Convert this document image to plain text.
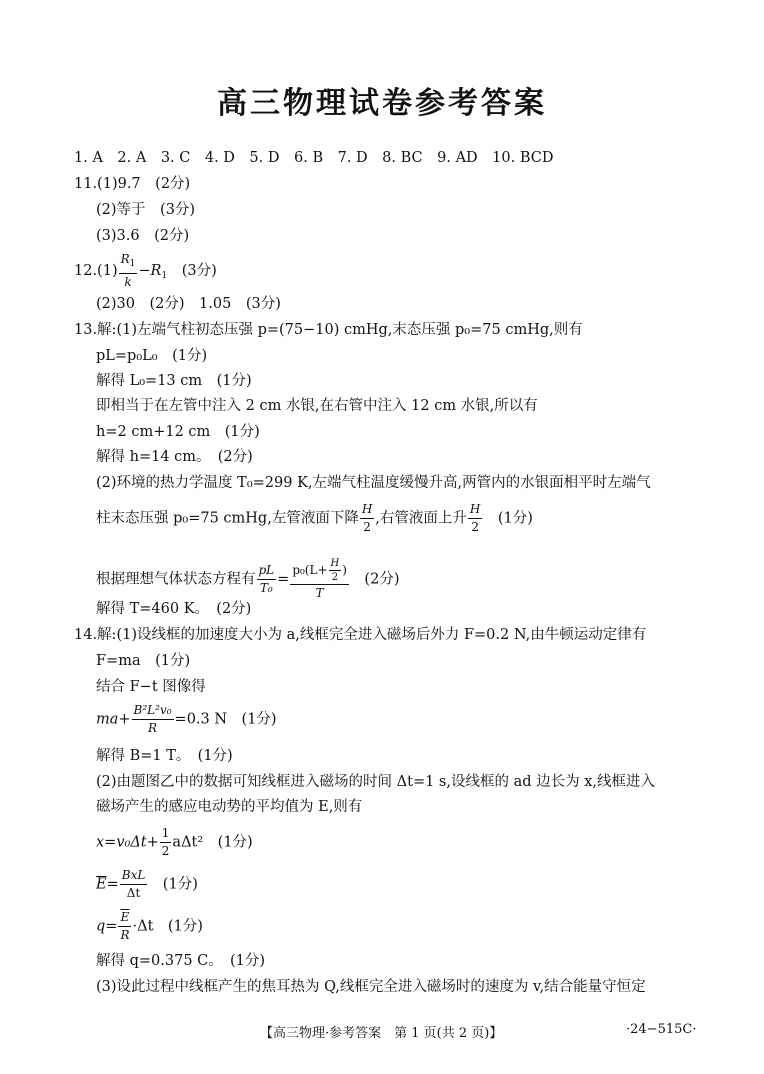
高三物理试卷参考答案
1. A　2. A　3. C　4. D　5. D　6. B　7. D　8. BC　9. AD　10. BCD
11.(1)9.7　(2分)
(2)等于　(3分)
(3)3.6　(2分)
$12.(1) \frac{R_1}{k} -R_1$　(3分)
(2)30　(2分)　1.05　(3分)
13.解:(1)左端气柱初态压强 p=(75−10) cmHg,末态压强 p₀=75 cmHg,则有
pL=p₀L₀　(1分)
解得 L₀=13 cm　(1分)
即相当于在左管中注入 2 cm 水银,在右管中注入 12 cm 水银,所以有
h=2 cm+12 cm　(1分)
解得 h=14 cm。　(2分)
(2)环境的热力学温度 T₀=299 K,左端气柱温度缓慢升高,两管内的水银面相平时左端气
柱末态压强 p₀=75 cmHg,左管液面下降 $\frac{H}{2}$ ,右管液面上升 $\frac{H}{2}$ 　(1分)
根据理想气体状态方程有 $\frac{pL}{\text{T₀}} = \frac{p_0(L+ \frac{H}{2} )}{T}$ 　(2分)
解得 T=460 K。　(2分)
14.解:(1)设线框的加速度大小为 a,线框完全进入磁场后外力 F=0.2 N,由牛顿运动定律有
F=ma　(1分)
结合 F−t 图像得
$ma+ \frac{\text{B²L²v₀}}{R} =0.3$ N　(1分)
解得 B=1 T。　(1分)
(2)由题图乙中的数据可知线框进入磁场的时间 Δt=1 s,设线框的 ad 边长为 x,线框进入
磁场产生的感应电动势的平均值为 E,则有
$x=v_0\Delta t+ \frac{1}{2} a\Delta t^2$　(1分)
$\overline{E}= \frac{\text{BxL}}{\Delta t}$ 　(1分)
$q= \frac{\overline{E}}{R} \cdot\Delta t$　(1分)
解得 q=0.375 C。　(1分)
(3)设此过程中线框产生的焦耳热为 Q,线框完全进入磁场时的速度为 v,结合能量守恒定
【高三物理·参考答案　第 1 页(共 2 页)】	·24−515C·
